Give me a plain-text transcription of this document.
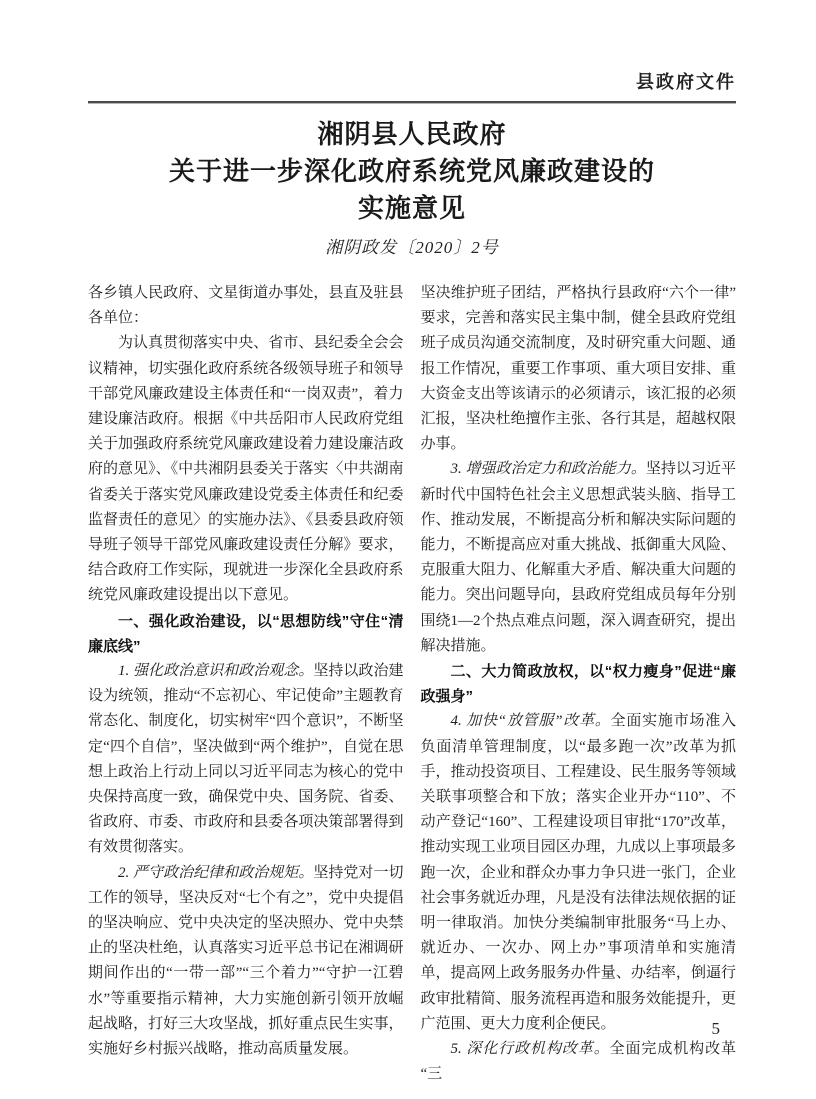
县政府文件
湘阴县人民政府
关于进一步深化政府系统党风廉政建设的
实施意见
湘阴政发〔2020〕2号

各乡镇人民政府、文星街道办事处，县直及驻县各单位：

为认真贯彻落实中央、省市、县纪委全会会议精神，切实强化政府系统各级领导班子和领导干部党风廉政建设主体责任和“一岗双责”，着力建设廉洁政府。根据《中共岳阳市人民政府党组关于加强政府系统党风廉政建设着力建设廉洁政府的意见》、《中共湘阴县委关于落实〈中共湖南省委关于落实党风廉政建设党委主体责任和纪委监督责任的意见〉的实施办法》、《县委县政府领导班子领导干部党风廉政建设责任分解》要求，结合政府工作实际，现就进一步深化全县政府系统党风廉政建设提出以下意见。

一、强化政治建设，以“思想防线”守住“清廉底线”

1. 强化政治意识和政治观念。坚持以政治建设为统领，推动“不忘初心、牢记使命”主题教育常态化、制度化，切实树牢“四个意识”，不断坚定“四个自信”，坚决做到“两个维护”，自觉在思想上政治上行动上同以习近平同志为核心的党中央保持高度一致，确保党中央、国务院、省委、省政府、市委、市政府和县委各项决策部署得到有效贯彻落实。

2. 严守政治纪律和政治规矩。坚持党对一切工作的领导，坚决反对“七个有之”，党中央提倡的坚决响应、党中央决定的坚决照办、党中央禁止的坚决杜绝，认真落实习近平总书记在湘调研期间作出的“一带一部”“三个着力”“守护一江碧水”等重要指示精神，大力实施创新引领开放崛起战略，打好三大攻坚战，抓好重点民生实事，实施好乡村振兴战略，推动高质量发展。

坚决维护班子团结，严格执行县政府“六个一律”要求，完善和落实民主集中制，健全县政府党组班子成员沟通交流制度，及时研究重大问题、通报工作情况，重要工作事项、重大项目安排、重大资金支出等该请示的必须请示，该汇报的必须汇报，坚决杜绝擅作主张、各行其是，超越权限办事。

3. 增强政治定力和政治能力。坚持以习近平新时代中国特色社会主义思想武装头脑、指导工作、推动发展，不断提高分析和解决实际问题的能力，不断提高应对重大挑战、抵御重大风险、克服重大阻力、化解重大矛盾、解决重大问题的能力。突出问题导向，县政府党组成员每年分别围绕1—2个热点难点问题，深入调查研究，提出解决措施。

二、大力简政放权，以“权力瘦身”促进“廉政强身”

4. 加快“放管服”改革。全面实施市场准入负面清单管理制度，以“最多跑一次”改革为抓手，推动投资项目、工程建设、民生服务等领域关联事项整合和下放；落实企业开办“110”、不动产登记“160”、工程建设项目审批“170”改革，推动实现工业项目园区办理，九成以上事项最多跑一次，企业和群众办事力争只进一张门，企业社会事务就近办理，凡是没有法律法规依据的证明一律取消。加快分类编制审批服务“马上办、就近办、一次办、网上办”事项清单和实施清单，提高网上政务服务办件量、办结率，倒逼行政审批精简、服务流程再造和服务效能提升，更广范围、更大力度利企便民。

5. 深化行政机构改革。全面完成机构改革“三

5
